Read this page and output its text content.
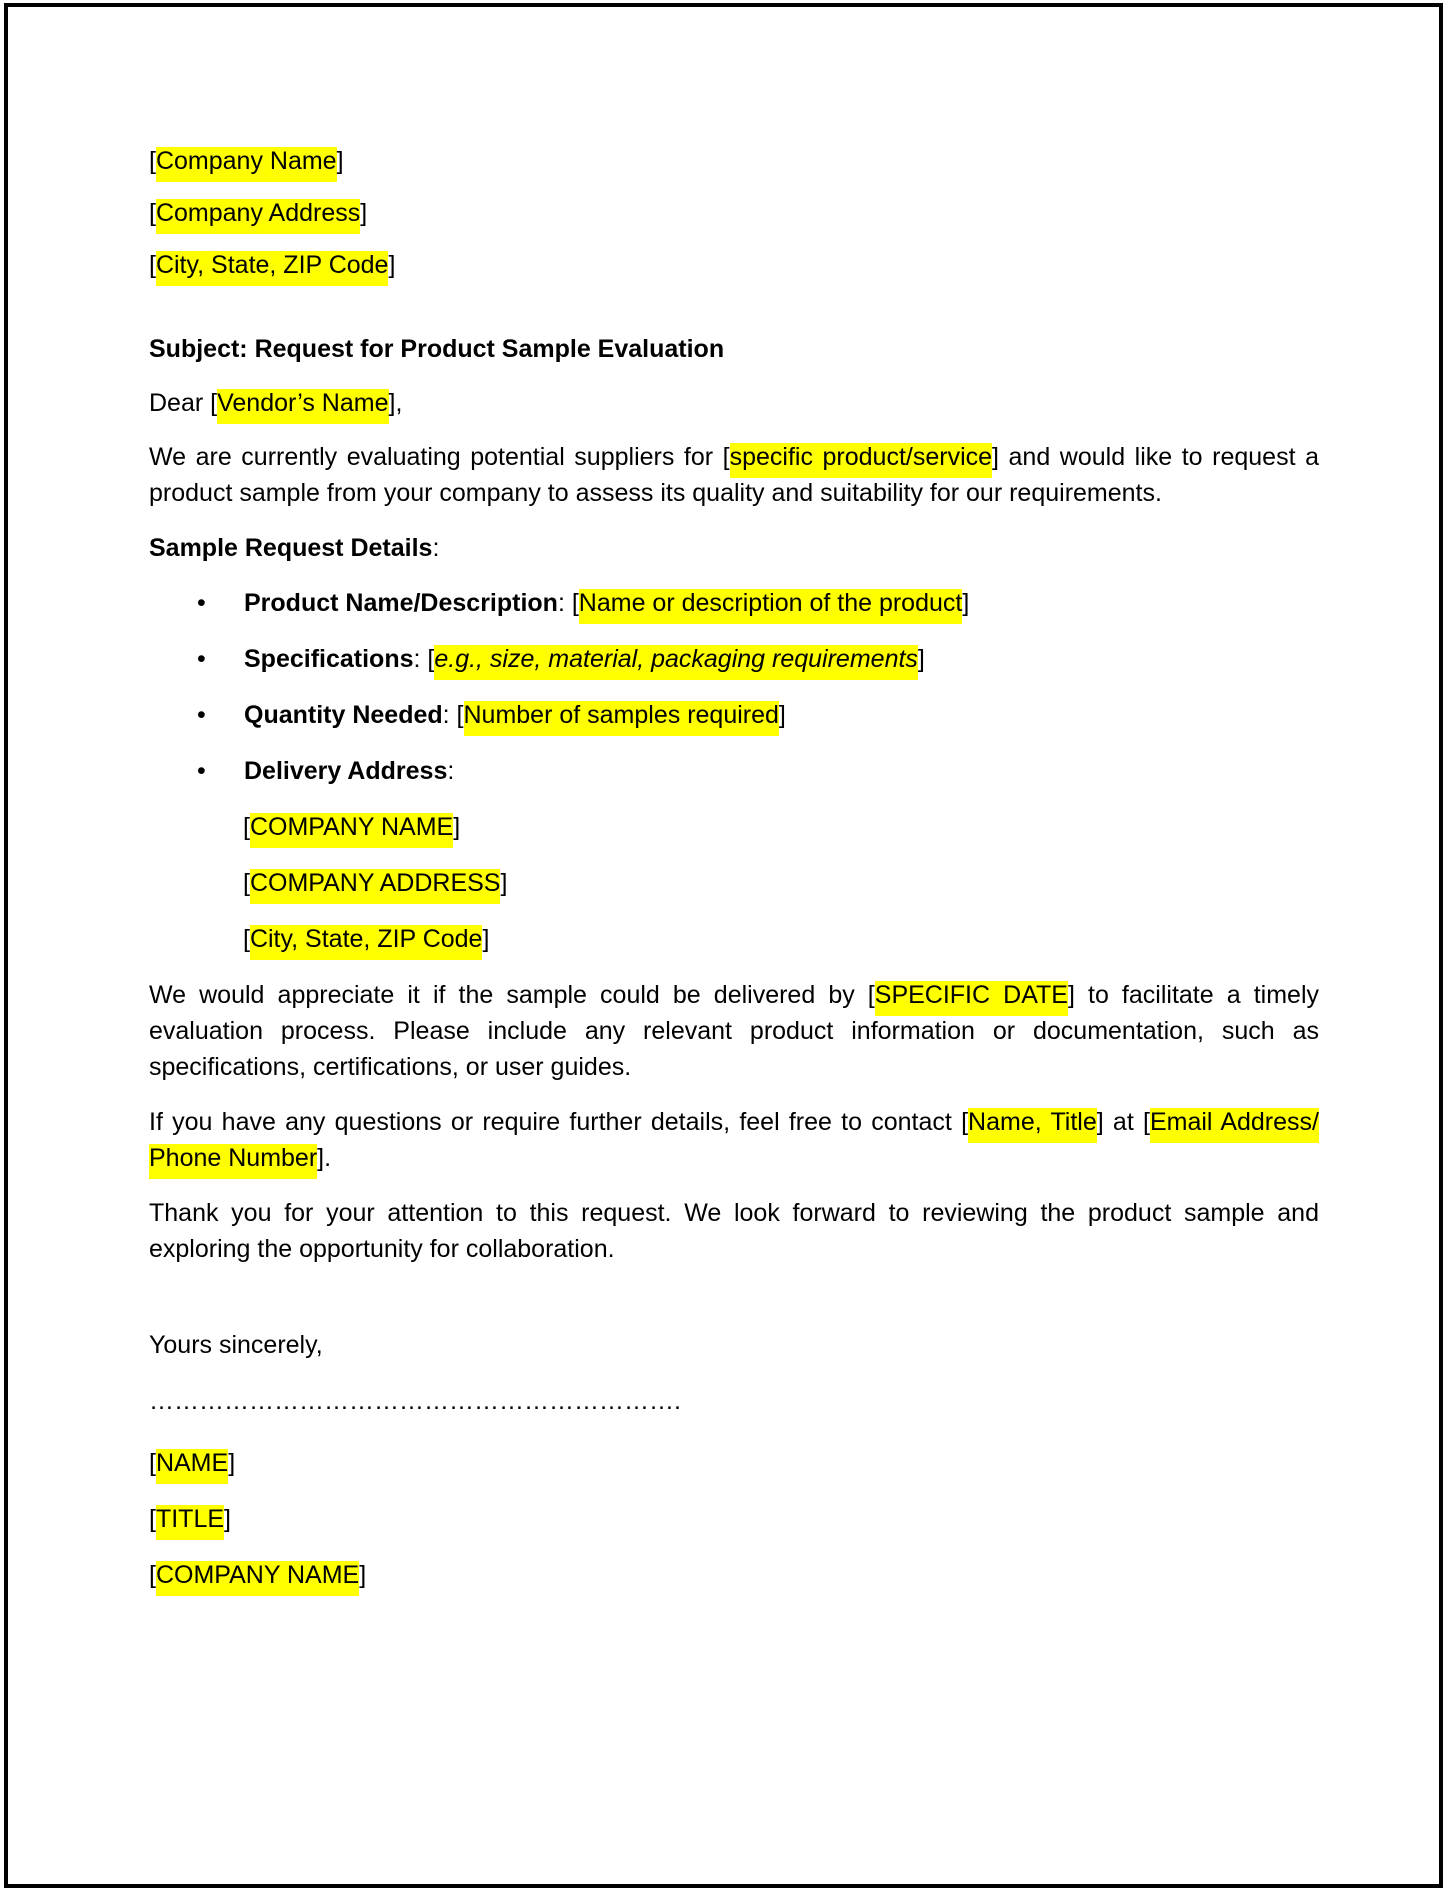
[Company Name]

[Company Address]

[City, State, ZIP Code]

Subject: Request for Product Sample Evaluation

Dear [Vendor’s Name],

We are currently evaluating potential suppliers for [specific product/service] and would like to request a product sample from your company to assess its quality and suitability for our requirements.

Sample Request Details:

• Product Name/Description: [Name or description of the product]
• Specifications: [e.g., size, material, packaging requirements]
• Quantity Needed: [Number of samples required]
• Delivery Address:

[COMPANY NAME]

[COMPANY ADDRESS]

[City, State, ZIP Code]

We would appreciate it if the sample could be delivered by [SPECIFIC DATE] to facilitate a timely evaluation process. Please include any relevant product information or documentation, such as specifications, certifications, or user guides.

If you have any questions or require further details, feel free to contact [Name, Title] at [Email Address/ Phone Number].

Thank you for your attention to this request. We look forward to reviewing the product sample and exploring the opportunity for collaboration.

Yours sincerely,

……………………………………………………….

[NAME]

[TITLE]

[COMPANY NAME]
